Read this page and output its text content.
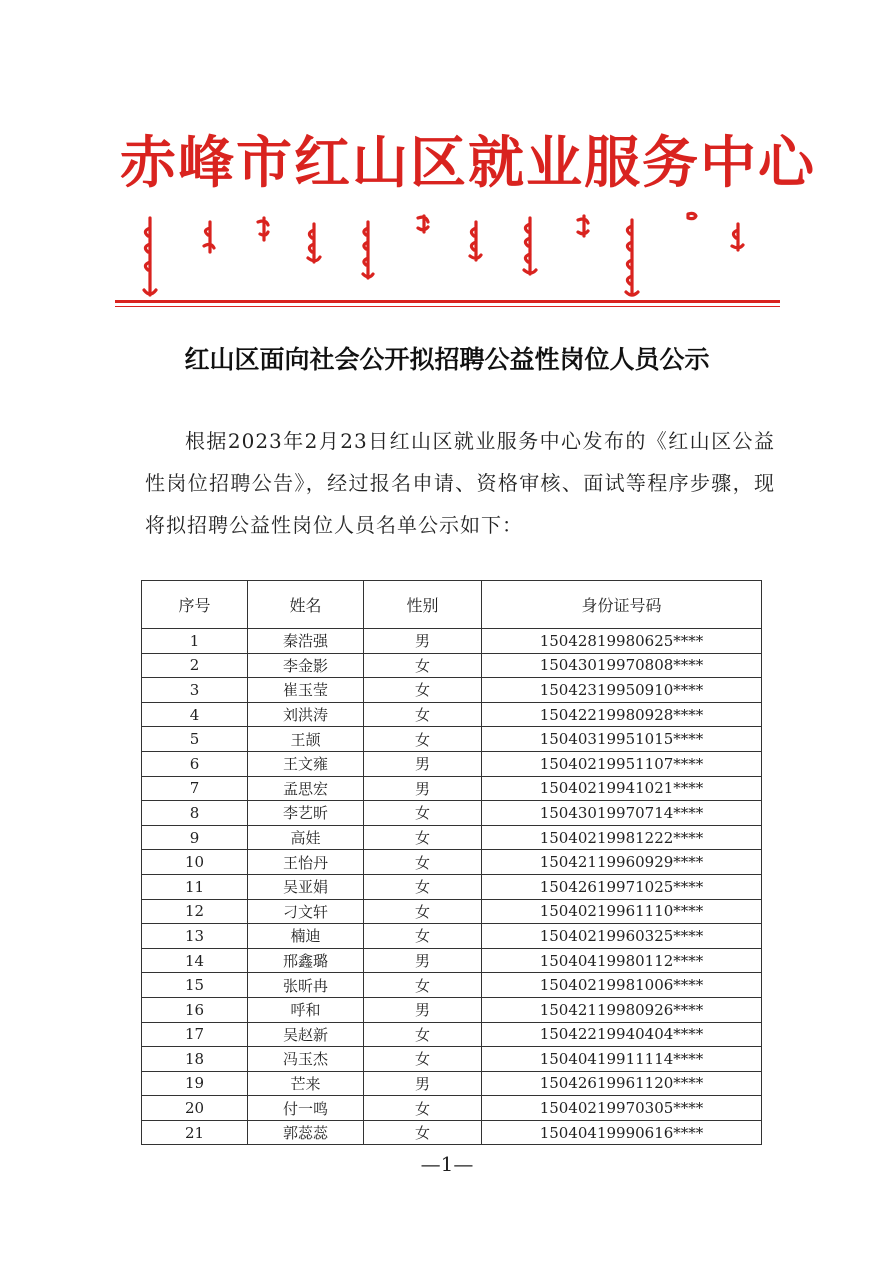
赤峰市红山区就业服务中心
红山区面向社会公开拟招聘公益性岗位人员公示

根据2023年2月23日红山区就业服务中心发布的《红山区公益性岗位招聘公告》，经过报名申请、资格审核、面试等程序步骤，现将拟招聘公益性岗位人员名单公示如下：

序号	姓名	性别	身份证号码
1	秦浩强	男	15042819980625****
2	李金影	女	15043019970808****
3	崔玉莹	女	15042319950910****
4	刘洪涛	女	15042219980928****
5	王颉	女	15040319951015****
6	王文雍	男	15040219951107****
7	孟思宏	男	15040219941021****
8	李艺昕	女	15043019970714****
9	高娃	女	15040219981222****
10	王怡丹	女	15042119960929****
11	吴亚娟	女	15042619971025****
12	刁文轩	女	15040219961110****
13	楠迪	女	15040219960325****
14	邢鑫璐	男	15040419980112****
15	张昕冉	女	15040219981006****
16	呼和	男	15042119980926****
17	吴赵新	女	15042219940404****
18	冯玉杰	女	15040419911114****
19	芒来	男	15042619961120****
20	付一鸣	女	15040219970305****
21	郭蕊蕊	女	15040419990616****
—1—
